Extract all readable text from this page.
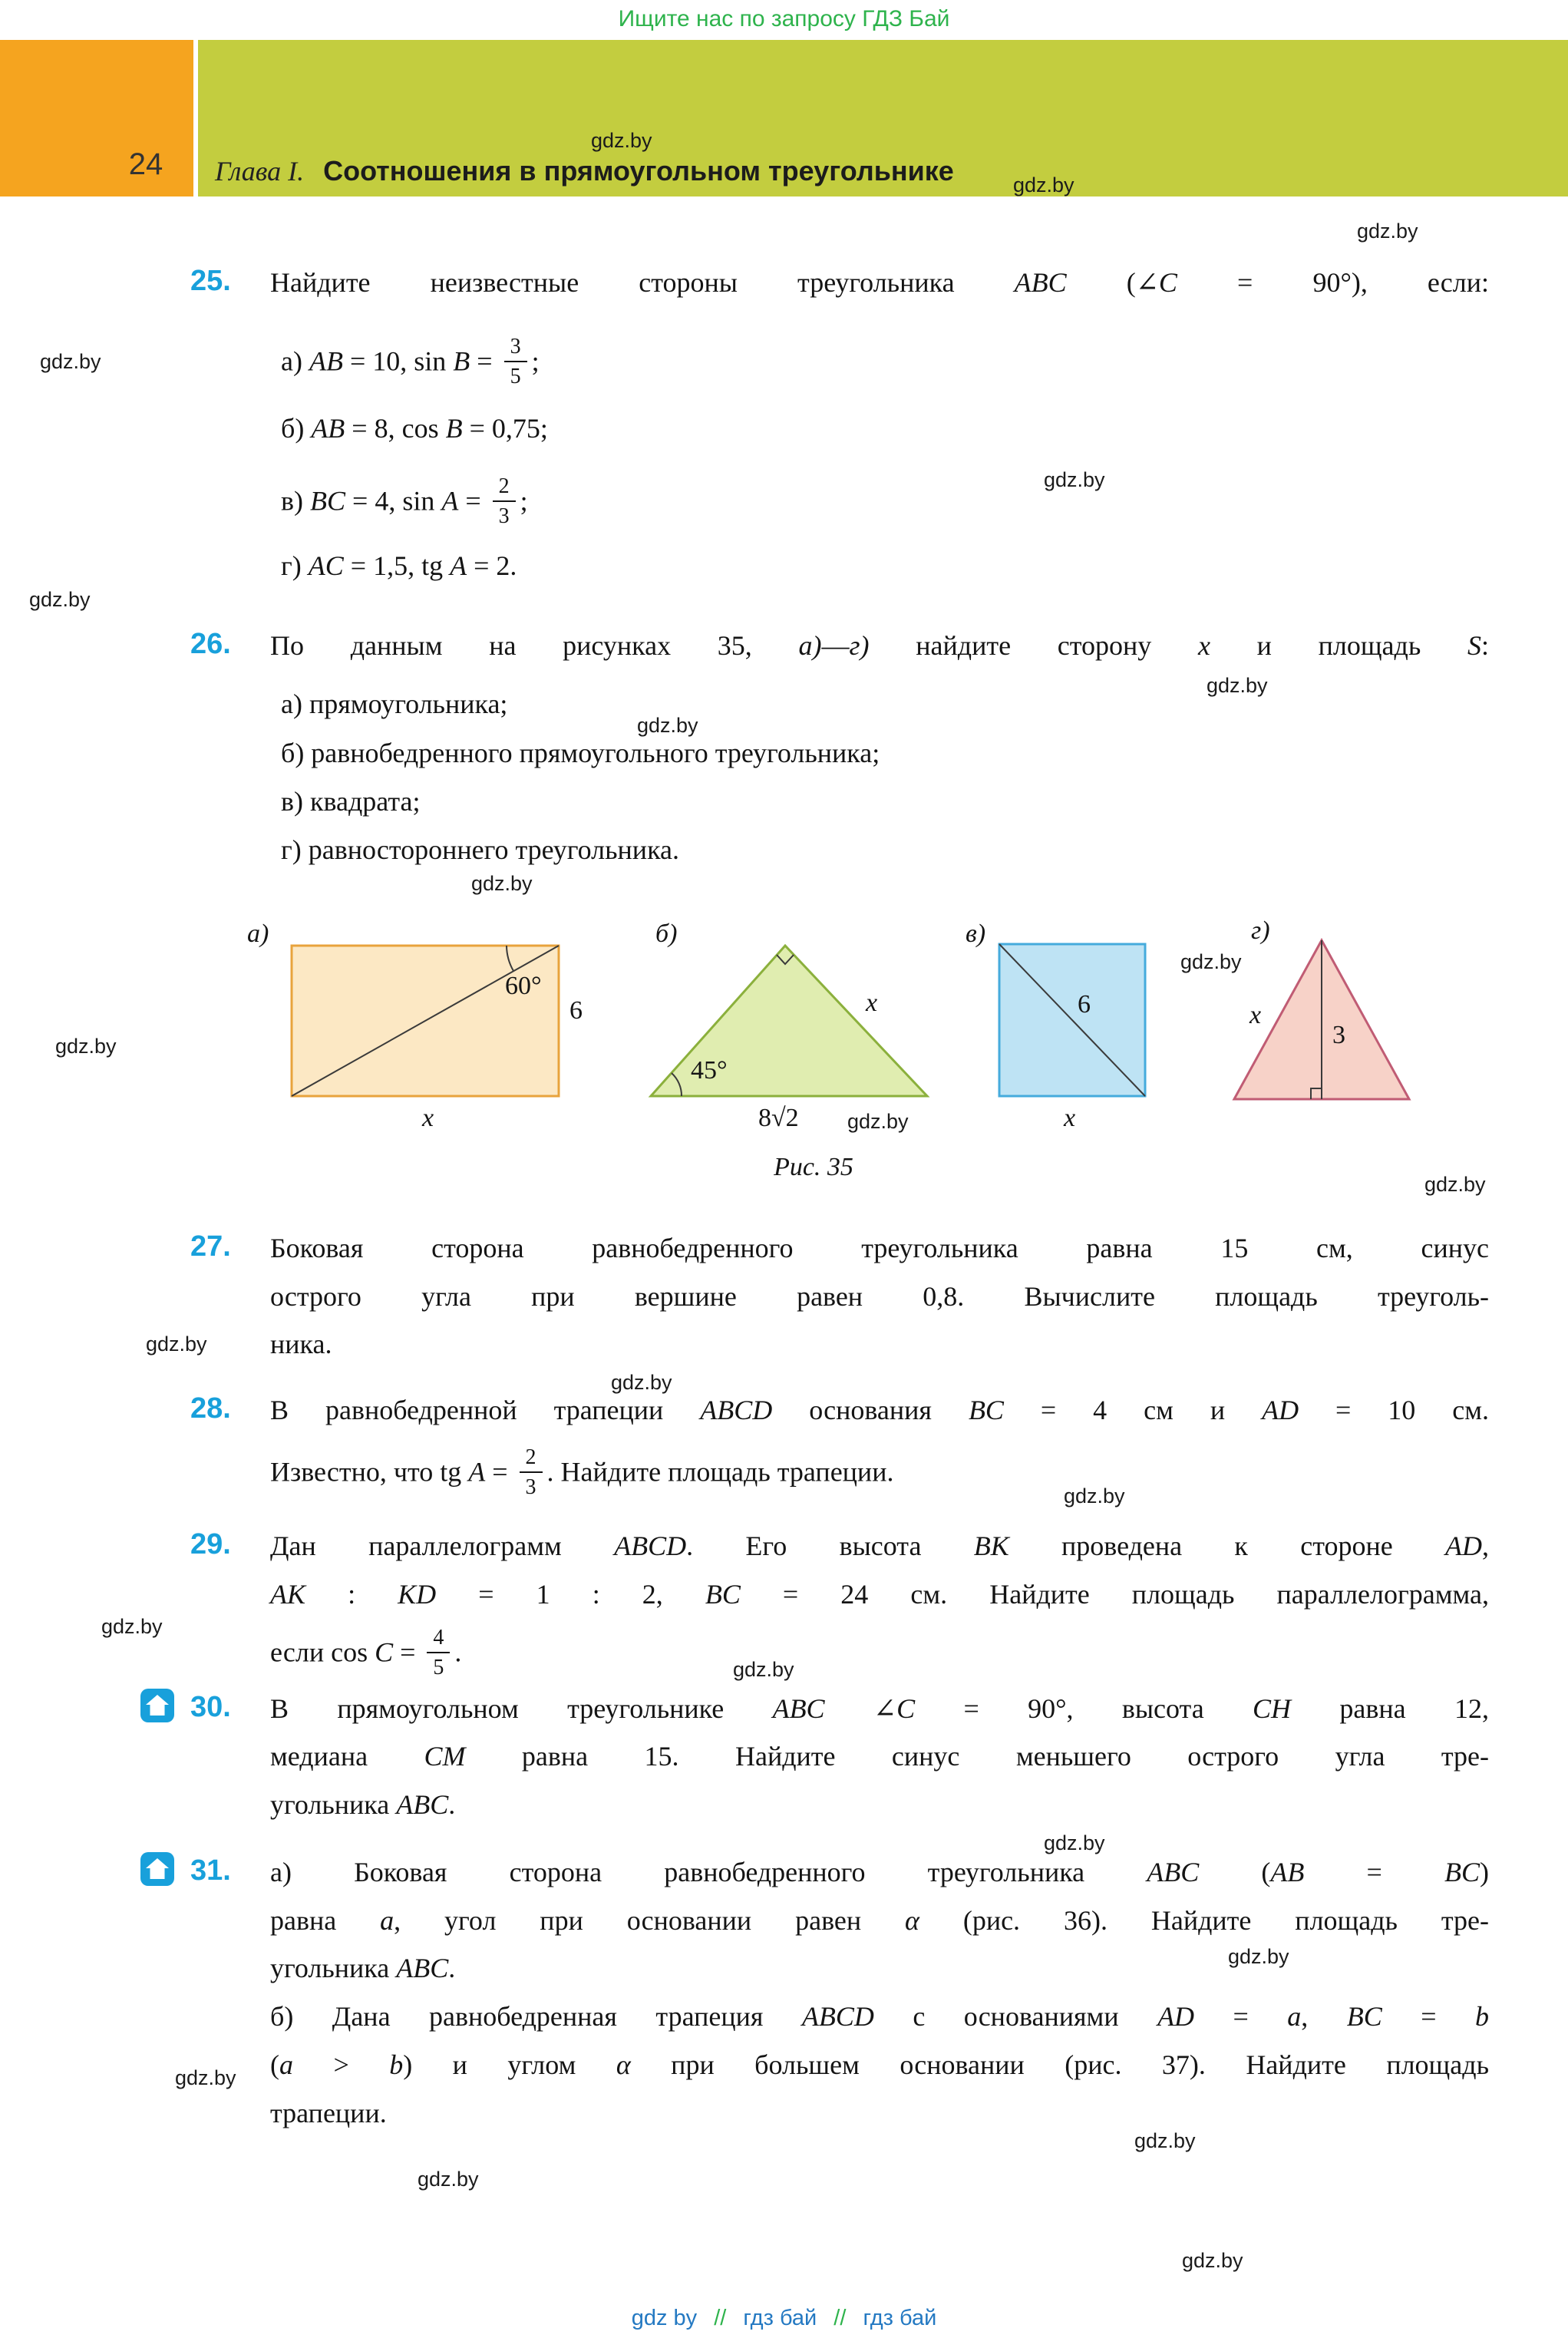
Ищите нас по запросу ГДЗ Бай
24	Глава I. Соотношения в прямоугольном треугольнике
25.	Найдите неизвестные стороны треугольника ABC (∠C = 90°), если:
а) AB = 10, $\sin B = \frac{3}{5}$ ;
б) AB = 8, cos B = 0,75;
в) BC = 4, $\sin A = \frac{2}{3}$ ;
г) AC = 1,5, tg A = 2.
26.	По данным на рисунках 35, а)—г) найдите сторону x и площадь S:
а) прямоугольника;
б) равнобедренного прямоугольного треугольника;
в) квадрата;
г) равностороннего треугольника.
а)	б)	в)	г)
60°
6
x
45°
x
8√2
6
x
x
3
Рис. 35
27.	Боковая сторона равнобедренного треугольника равна 15 см, синус
острого угла при вершине равен 0,8. Вычислите площадь треуголь-
ника.
28.	В равнобедренной трапеции ABCD основания BC = 4 см и AD = 10 см.
Известно, что tg $A = \frac{2}{3}$ . Найдите площадь трапеции.
29.	Дан параллелограмм ABCD. Его высота BK проведена к стороне AD,
AK : KD = 1 : 2, BC = 24 см. Найдите площадь параллелограмма,
если $\cos C = \frac{4}{5}$ .
30.	В прямоугольном треугольнике ABC ∠C = 90°, высота CH равна 12,
медиана CM равна 15. Найдите синус меньшего острого угла тре-
угольника ABC.
31.	а) Боковая сторона равнобедренного треугольника ABC (AB = BC)
равна a, угол при основании равен α (рис. 36). Найдите площадь тре-
угольника ABC.
б) Дана равнобедренная трапеция ABCD с основаниями AD = a, BC = b
(a > b) и углом α при большем основании (рис. 37). Найдите площадь
трапеции.
gdz.by
gdz.by
gdz.by
gdz.by
gdz.by
gdz.by
gdz.by
gdz.by
gdz.by
gdz.by
gdz.by
gdz.by
gdz.by
gdz.by
gdz.by
gdz.by
gdz.by
gdz.by
gdz.by
gdz.by
gdz.by
gdz.by
gdz.by
gdz.by
gdz by // гдз бай // гдз бай
